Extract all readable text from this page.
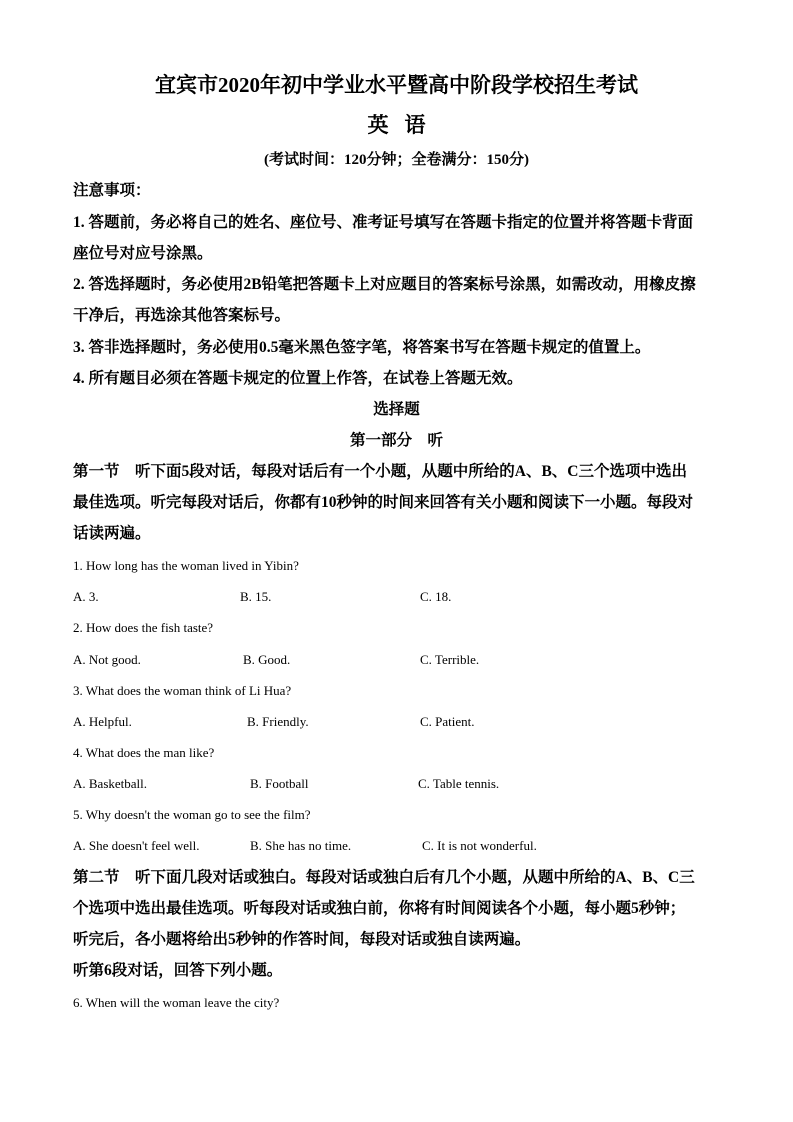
宜宾市2020年初中学业水平暨高中阶段学校招生考试
英语
(考试时间：120分钟；全卷满分：150分)
注意事项：
1. 答题前，务必将自己的姓名、座位号、准考证号填写在答题卡指定的位置并将答题卡背面
座位号对应号涂黑。
2. 答选择题时，务必使用2B铅笔把答题卡上对应题目的答案标号涂黑，如需改动，用橡皮擦
干净后，再选涂其他答案标号。
3. 答非选择题时，务必使用0.5毫米黑色签字笔，将答案书写在答题卡规定的值置上。
4. 所有题目必须在答题卡规定的位置上作答，在试卷上答题无效。
选择题
第一部分　听
第一节　听下面5段对话，每段对话后有一个小题，从题中所给的A、B、C三个选项中选出
最佳选项。听完每段对话后，你都有10秒钟的时间来回答有关小题和阅读下一小题。每段对
话读两遍。
1. How long has the woman lived in Yibin?
A. 3.	B. 15.	C. 18.
2. How does the fish taste?
A. Not good.	B. Good.	C. Terrible.
3. What does the woman think of Li Hua?
A. Helpful.	B. Friendly.	C. Patient.
4. What does the man like?
A. Basketball.	B. Football	C. Table tennis.
5. Why doesn't the woman go to see the film?
A. She doesn't feel well.	B. She has no time.	C. It is not wonderful.
第二节　听下面几段对话或独白。每段对话或独白后有几个小题，从题中所给的A、B、C三
个选项中选出最佳选项。听每段对话或独白前，你将有时间阅读各个小题，每小题5秒钟；
听完后，各小题将给出5秒钟的作答时间，每段对话或独自读两遍。
听第6段对话，回答下列小题。
6. When will the woman leave the city?
